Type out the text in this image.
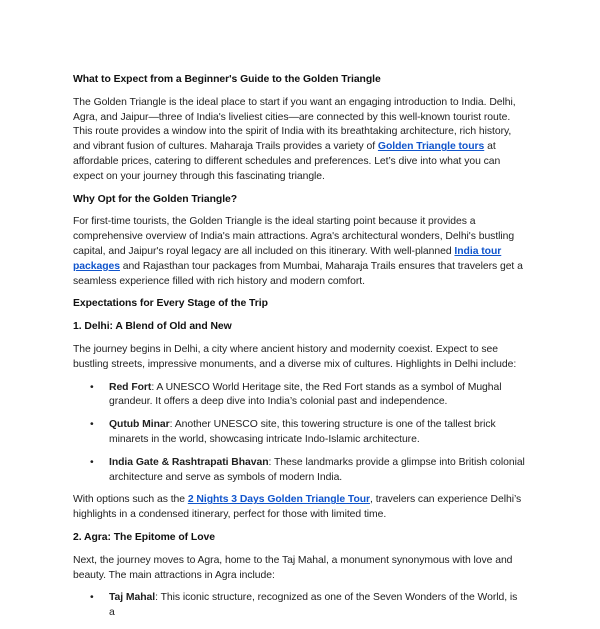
What to Expect from a Beginner's Guide to the Golden Triangle

The Golden Triangle is the ideal place to start if you want an engaging introduction to India. Delhi, Agra, and Jaipur—three of India's liveliest cities—are connected by this well-known tourist route. This route provides a window into the spirit of India with its breathtaking architecture, rich history, and vibrant fusion of cultures. Maharaja Trails provides a variety of Golden Triangle tours at affordable prices, catering to different schedules and preferences. Let’s dive into what you can expect on your journey through this fascinating triangle.

Why Opt for the Golden Triangle?

For first-time tourists, the Golden Triangle is the ideal starting point because it provides a comprehensive overview of India's main attractions. Agra's architectural wonders, Delhi's bustling capital, and Jaipur's royal legacy are all included on this itinerary. With well-planned India tour packages and Rajasthan tour packages from Mumbai, Maharaja Trails ensures that travelers get a seamless experience filled with rich history and modern comfort.

Expectations for Every Stage of the Trip
1. Delhi: A Blend of Old and New

The journey begins in Delhi, a city where ancient history and modernity coexist. Expect to see bustling streets, impressive monuments, and a diverse mix of cultures. Highlights in Delhi include:

• Red Fort: A UNESCO World Heritage site, the Red Fort stands as a symbol of Mughal grandeur. It offers a deep dive into India’s colonial past and independence.
• Qutub Minar: Another UNESCO site, this towering structure is one of the tallest brick minarets in the world, showcasing intricate Indo-Islamic architecture.
• India Gate & Rashtrapati Bhavan: These landmarks provide a glimpse into British colonial architecture and serve as symbols of modern India.

With options such as the 2 Nights 3 Days Golden Triangle Tour, travelers can experience Delhi’s highlights in a condensed itinerary, perfect for those with limited time.

2. Agra: The Epitome of Love

Next, the journey moves to Agra, home to the Taj Mahal, a monument synonymous with love and beauty. The main attractions in Agra include:

• Taj Mahal: This iconic structure, recognized as one of the Seven Wonders of the World, is a
